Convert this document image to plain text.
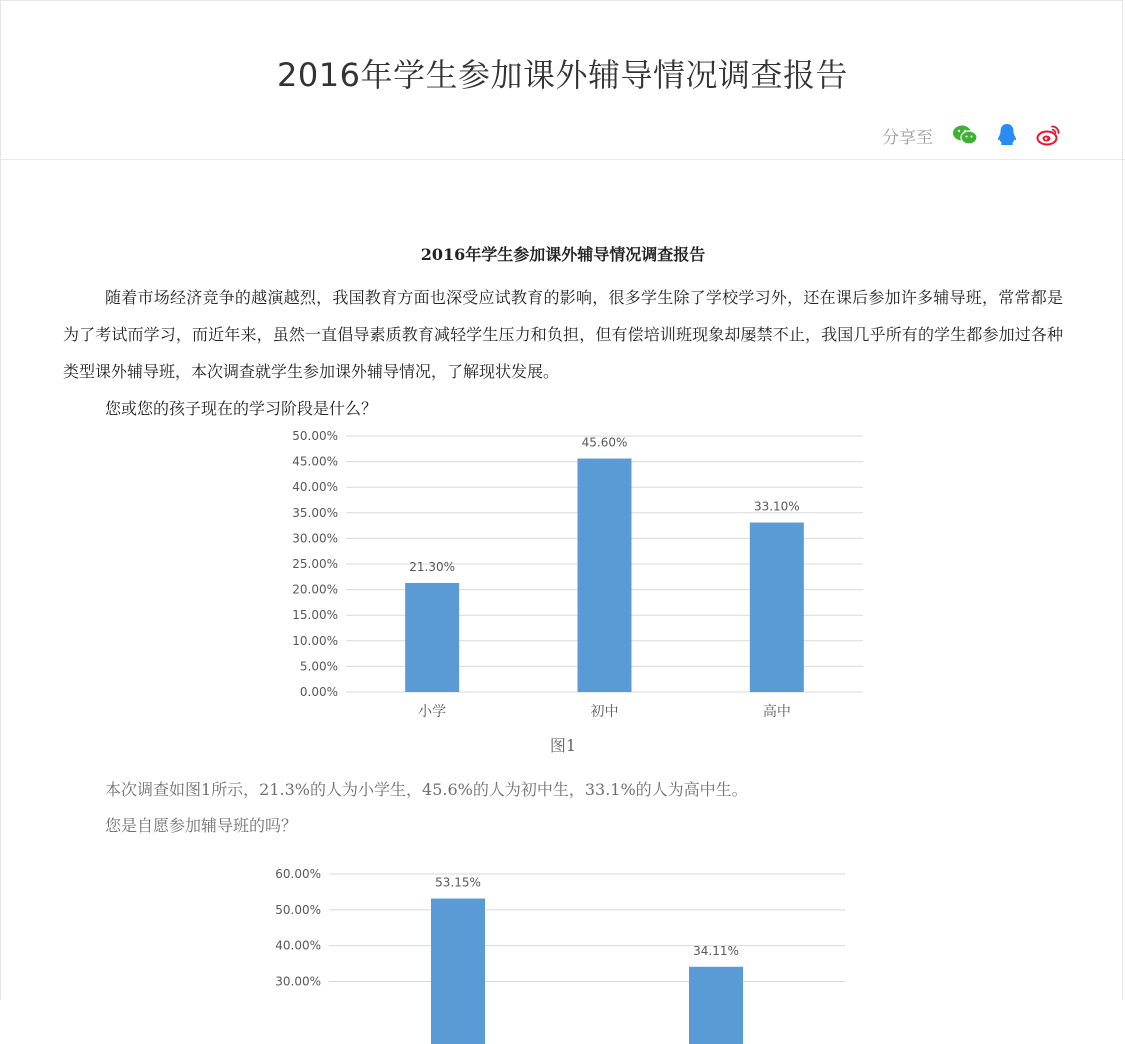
2016年学生参加课外辅导情况调查报告
分享至
2016年学生参加课外辅导情况调查报告

随着市场经济竞争的越演越烈，我国教育方面也深受应试教育的影响，很多学生除了学校学习外，还在课后参加许多辅导班，常常都是为了考试而学习，而近年来，虽然一直倡导素质教育减轻学生压力和负担，但有偿培训班现象却屡禁不止，我国几乎所有的学生都参加过各种类型课外辅导班，本次调查就学生参加课外辅导情况，了解现状发展。

您或您的孩子现在的学习阶段是什么？

0.00%
5.00%
10.00%
15.00%
20.00%
25.00%
30.00%
35.00%
40.00%
45.00%
50.00%
21.30%
小学
45.60%
初中
33.10%
高中
图1

本次调查如图1所示，21.3%的人为小学生，45.6%的人为初中生，33.1%的人为高中生。

您是自愿参加辅导班的吗？

30.00%
40.00%
50.00%
60.00%
53.15%
34.11%
